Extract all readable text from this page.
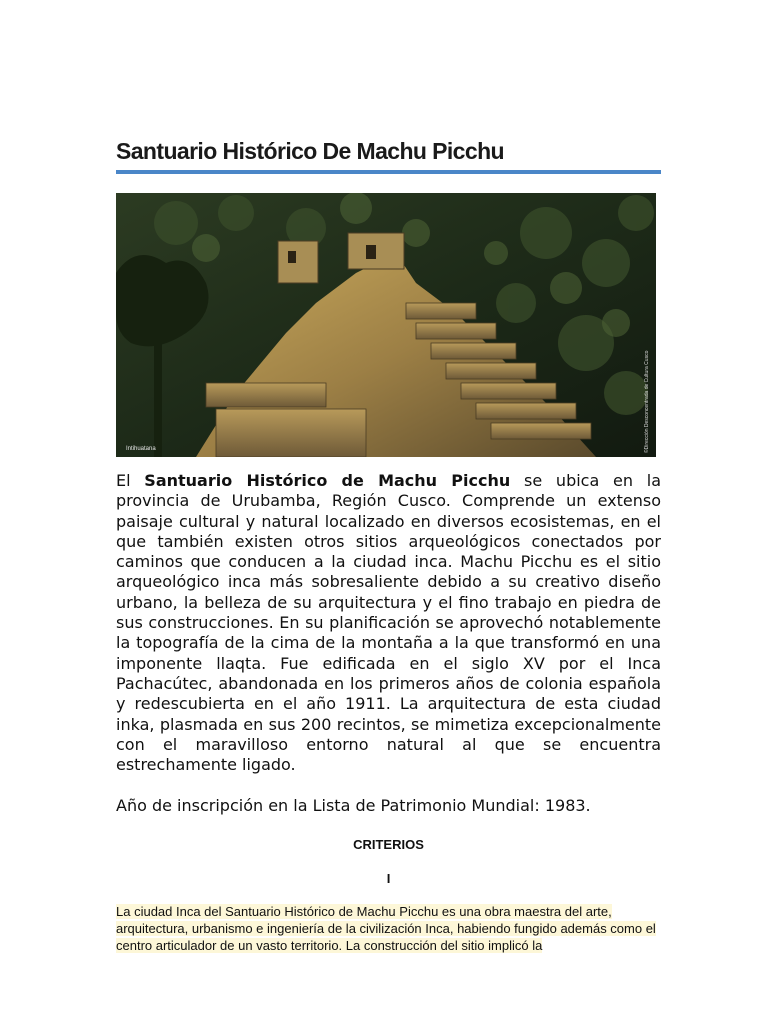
Santuario Histórico De Machu Picchu
Intihuatana	©Dirección Desconcentrada de Cultura Cusco

El Santuario Histórico de Machu Picchu se ubica en la provincia de Urubamba, Región Cusco. Comprende un extenso paisaje cultural y natural localizado en diversos ecosistemas, en el que también existen otros sitios arqueológicos conectados por caminos que conducen a la ciudad inca. Machu Picchu es el sitio arqueológico inca más sobresaliente debido a su creativo diseño urbano, la belleza de su arquitectura y el fino trabajo en piedra de sus construcciones. En su planificación se aprovechó notablemente la topografía de la cima de la montaña a la que transformó en una imponente llaqta. Fue edificada en el siglo XV por el Inca Pachacútec, abandonada en los primeros años de colonia española y redescubierta en el año 1911. La arquitectura de esta ciudad inka, plasmada en sus 200 recintos, se mimetiza excepcionalmente con el maravilloso entorno natural al que se encuentra estrechamente ligado.

Año de inscripción en la Lista de Patrimonio Mundial: 1983.
CRITERIOS
I
La ciudad Inca del Santuario Histórico de Machu Picchu es una obra maestra del arte, arquitectura, urbanismo e ingeniería de la civilización Inca, habiendo fungido además como el centro articulador de un vasto territorio. La construcción del sitio implicó la
